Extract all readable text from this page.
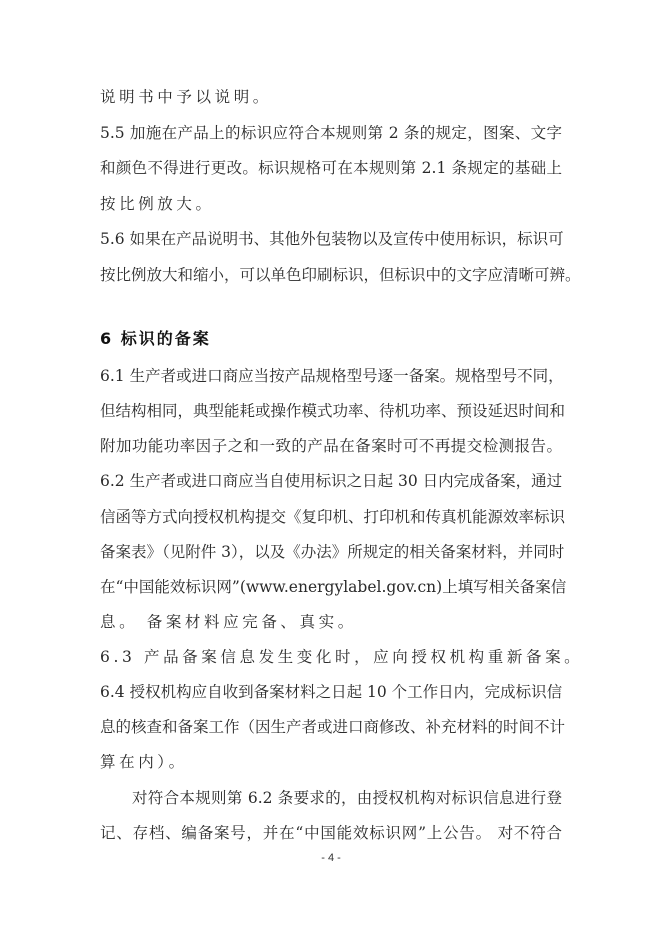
说明书中予以说明。
5.5 加施在产品上的标识应符合本规则第 2 条的规定，图案、文字
和颜色不得进行更改。标识规格可在本规则第 2.1 条规定的基础上
按比例放大。
5.6 如果在产品说明书、其他外包装物以及宣传中使用标识，标识可
按比例放大和缩小，可以单色印刷标识，但标识中的文字应清晰可辨。
6 标识的备案
6.1 生产者或进口商应当按产品规格型号逐一备案。规格型号不同，
但结构相同，典型能耗或操作模式功率、待机功率、预设延迟时间和
附加功能功率因子之和一致的产品在备案时可不再提交检测报告。
6.2 生产者或进口商应当自使用标识之日起 30 日内完成备案，通过
信函等方式向授权机构提交《复印机、打印机和传真机能源效率标识
备案表》（见附件 3），以及《办法》所规定的相关备案材料，并同时
在“中国能效标识网”(www.energylabel.gov.cn)上填写相关备案信
息。 备案材料应完备、真实。
6.3 产品备案信息发生变化时，应向授权机构重新备案。
6.4 授权机构应自收到备案材料之日起 10 个工作日内，完成标识信
息的核查和备案工作（因生产者或进口商修改、补充材料的时间不计
算在内）。
对符合本规则第 6.2 条要求的，由授权机构对标识信息进行登
记、存档、编备案号，并在“中国能效标识网”上公告。 对不符合
- 4 -
